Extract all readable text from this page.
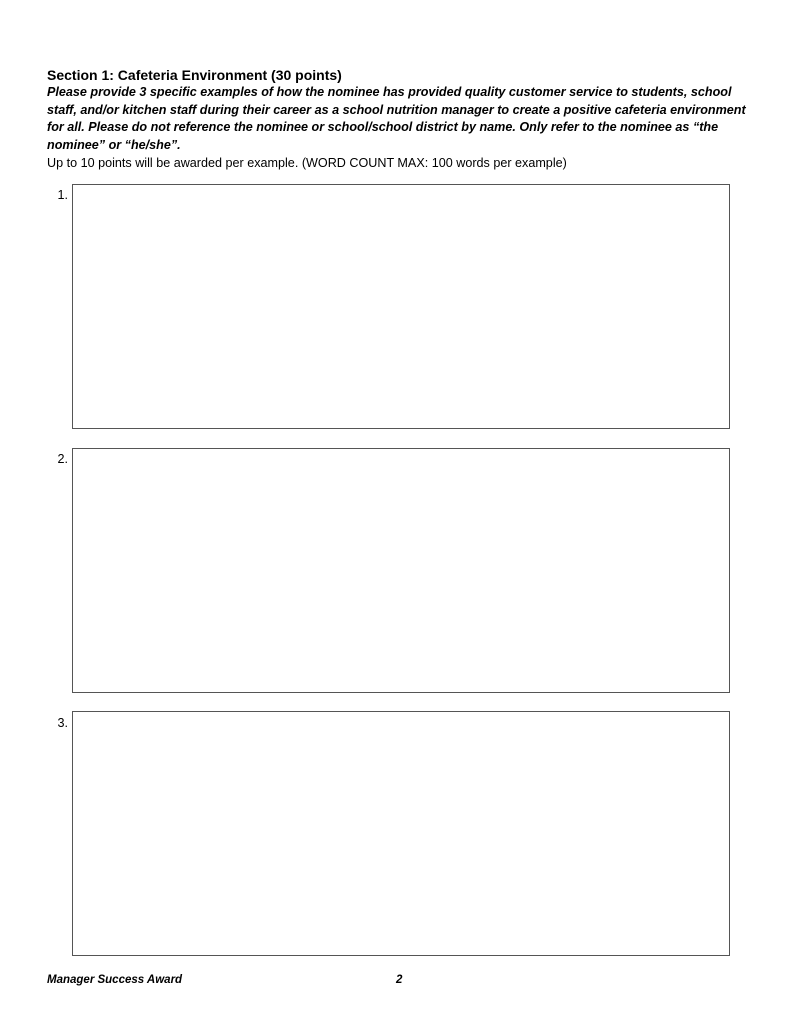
Section 1: Cafeteria Environment (30 points)
Please provide 3 specific examples of how the nominee has provided quality customer service to students, school staff, and/or kitchen staff during their career as a school nutrition manager to create a positive cafeteria environment for all. Please do not reference the nominee or school/school district by name. Only refer to the nominee as “the nominee” or “he/she”.
Up to 10 points will be awarded per example. (WORD COUNT MAX: 100 words per example)
1.
2.
3.
Manager Success Award	2
